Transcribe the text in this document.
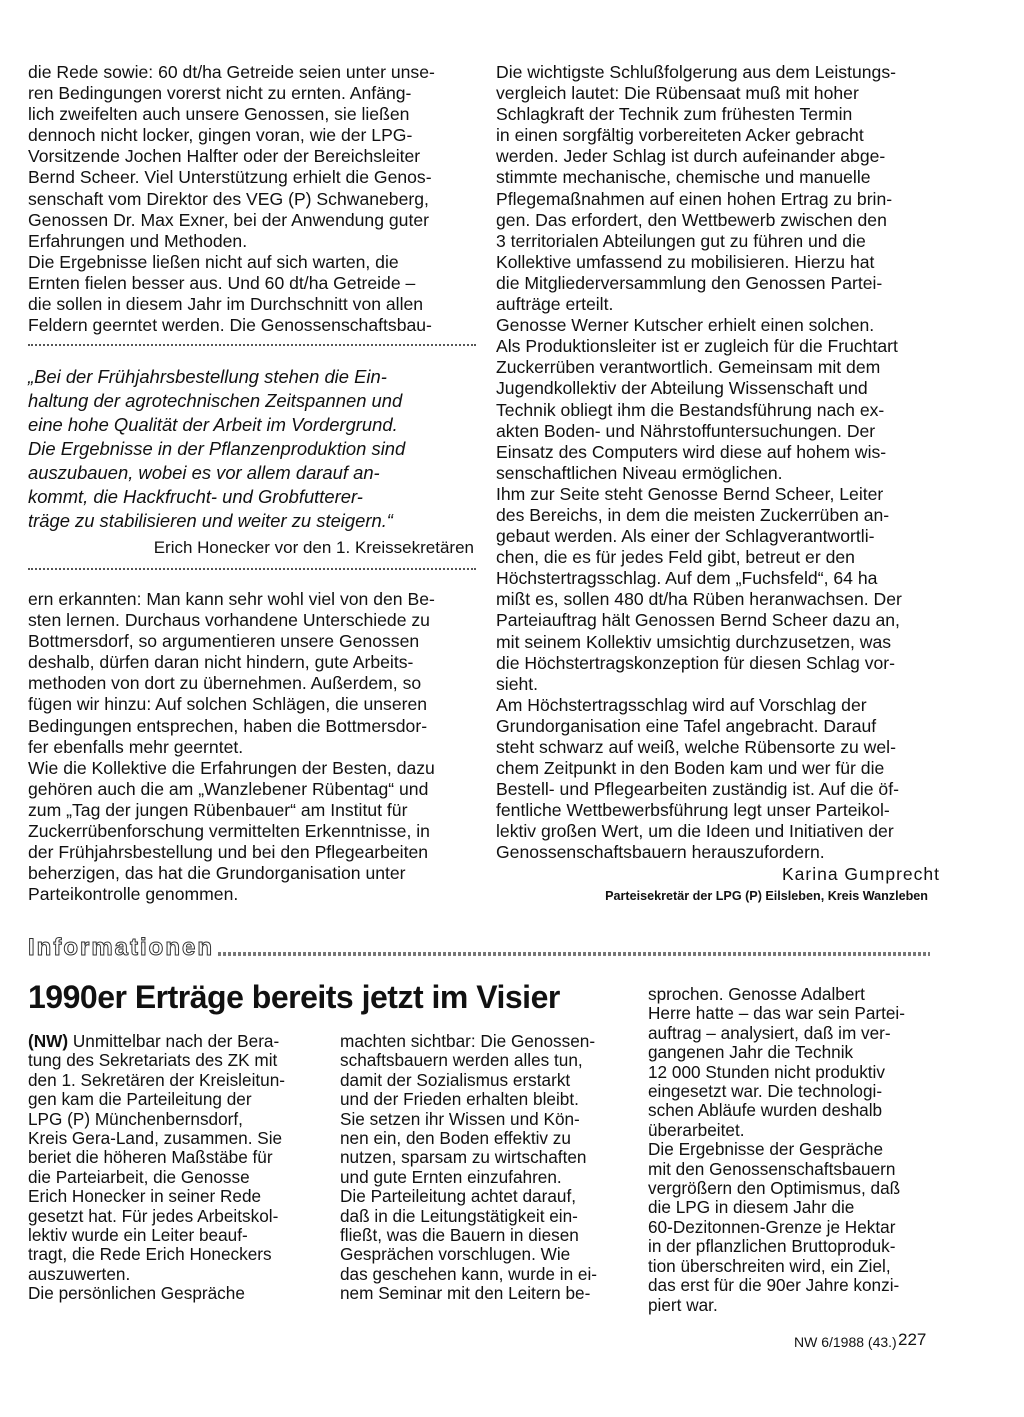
die Rede sowie: 60 dt/ha Getreide seien unter unse-
ren Bedingungen vorerst nicht zu ernten. Anfäng-
lich zweifelten auch unsere Genossen, sie ließen
dennoch nicht locker, gingen voran, wie der LPG-
Vorsitzende Jochen Halfter oder der Bereichsleiter
Bernd Scheer. Viel Unterstützung erhielt die Genos-
senschaft vom Direktor des VEG (P) Schwaneberg,
Genossen Dr. Max Exner, bei der Anwendung guter
Erfahrungen und Methoden.
Die Ergebnisse ließen nicht auf sich warten, die
Ernten fielen besser aus. Und 60 dt/ha Getreide –
die sollen in diesem Jahr im Durchschnitt von allen
Feldern geerntet werden. Die Genossenschaftsbau-
„Bei der Frühjahrsbestellung stehen die Ein-
haltung der agrotechnischen Zeitspannen und
eine hohe Qualität der Arbeit im Vordergrund.
Die Ergebnisse in der Pflanzenproduktion sind
auszubauen, wobei es vor allem darauf an-
kommt, die Hackfrucht- und Grobfutterer-
träge zu stabilisieren und weiter zu steigern.“
Erich Honecker vor den 1. Kreissekretären
ern erkannten: Man kann sehr wohl viel von den Be-
sten lernen. Durchaus vorhandene Unterschiede zu
Bottmersdorf, so argumentieren unsere Genossen
deshalb, dürfen daran nicht hindern, gute Arbeits-
methoden von dort zu übernehmen. Außerdem, so
fügen wir hinzu: Auf solchen Schlägen, die unseren
Bedingungen entsprechen, haben die Bottmersdor-
fer ebenfalls mehr geerntet.
Wie die Kollektive die Erfahrungen der Besten, dazu
gehören auch die am „Wanzlebener Rübentag“ und
zum „Tag der jungen Rübenbauer“ am Institut für
Zuckerrübenforschung vermittelten Erkenntnisse, in
der Frühjahrsbestellung und bei den Pflegearbeiten
beherzigen, das hat die Grundorganisation unter
Parteikontrolle genommen.
Die wichtigste Schlußfolgerung aus dem Leistungs-
vergleich lautet: Die Rübensaat muß mit hoher
Schlagkraft der Technik zum frühesten Termin
in einen sorgfältig vorbereiteten Acker gebracht
werden. Jeder Schlag ist durch aufeinander abge-
stimmte mechanische, chemische und manuelle
Pflegemaßnahmen auf einen hohen Ertrag zu brin-
gen. Das erfordert, den Wettbewerb zwischen den
3 territorialen Abteilungen gut zu führen und die
Kollektive umfassend zu mobilisieren. Hierzu hat
die Mitgliederversammlung den Genossen Partei-
aufträge erteilt.
Genosse Werner Kutscher erhielt einen solchen.
Als Produktionsleiter ist er zugleich für die Fruchtart
Zuckerrüben verantwortlich. Gemeinsam mit dem
Jugendkollektiv der Abteilung Wissenschaft und
Technik obliegt ihm die Bestandsführung nach ex-
akten Boden- und Nährstoffuntersuchungen. Der
Einsatz des Computers wird diese auf hohem wis-
senschaftlichen Niveau ermöglichen.
Ihm zur Seite steht Genosse Bernd Scheer, Leiter
des Bereichs, in dem die meisten Zuckerrüben an-
gebaut werden. Als einer der Schlagverantwortli-
chen, die es für jedes Feld gibt, betreut er den
Höchstertragsschlag. Auf dem „Fuchsfeld“, 64 ha
mißt es, sollen 480 dt/ha Rüben heranwachsen. Der
Parteiauftrag hält Genossen Bernd Scheer dazu an,
mit seinem Kollektiv umsichtig durchzusetzen, was
die Höchstertragskonzeption für diesen Schlag vor-
sieht.
Am Höchstertragsschlag wird auf Vorschlag der
Grundorganisation eine Tafel angebracht. Darauf
steht schwarz auf weiß, welche Rübensorte zu wel-
chem Zeitpunkt in den Boden kam und wer für die
Bestell- und Pflegearbeiten zuständig ist. Auf die öf-
fentliche Wettbewerbsführung legt unser Parteikol-
lektiv großen Wert, um die Ideen und Initiativen der
Genossenschaftsbauern herauszufordern.
Karina Gumprecht
Parteisekretär der LPG (P) Eilsleben, Kreis Wanzleben
Informationen
1990er Erträge bereits jetzt im Visier
(NW) Unmittelbar nach der Bera-
tung des Sekretariats des ZK mit
den 1. Sekretären der Kreisleitun-
gen kam die Parteileitung der
LPG (P) Münchenbernsdorf,
Kreis Gera-Land, zusammen. Sie
beriet die höheren Maßstäbe für
die Parteiarbeit, die Genosse
Erich Honecker in seiner Rede
gesetzt hat. Für jedes Arbeitskol-
lektiv wurde ein Leiter beauf-
tragt, die Rede Erich Honeckers
auszuwerten.
Die persönlichen Gespräche
machten sichtbar: Die Genossen-
schaftsbauern werden alles tun,
damit der Sozialismus erstarkt
und der Frieden erhalten bleibt.
Sie setzen ihr Wissen und Kön-
nen ein, den Boden effektiv zu
nutzen, sparsam zu wirtschaften
und gute Ernten einzufahren.
Die Parteileitung achtet darauf,
daß in die Leitungstätigkeit ein-
fließt, was die Bauern in diesen
Gesprächen vorschlugen. Wie
das geschehen kann, wurde in ei-
nem Seminar mit den Leitern be-
sprochen. Genosse Adalbert
Herre hatte – das war sein Partei-
auftrag – analysiert, daß im ver-
gangenen Jahr die Technik
12 000 Stunden nicht produktiv
eingesetzt war. Die technologi-
schen Abläufe wurden deshalb
überarbeitet.
Die Ergebnisse der Gespräche
mit den Genossenschaftsbauern
vergrößern den Optimismus, daß
die LPG in diesem Jahr die
60-Dezitonnen-Grenze je Hektar
in der pflanzlichen Bruttoproduk-
tion überschreiten wird, ein Ziel,
das erst für die 90er Jahre konzi-
piert war.
NW 6/1988 (43.) 227
